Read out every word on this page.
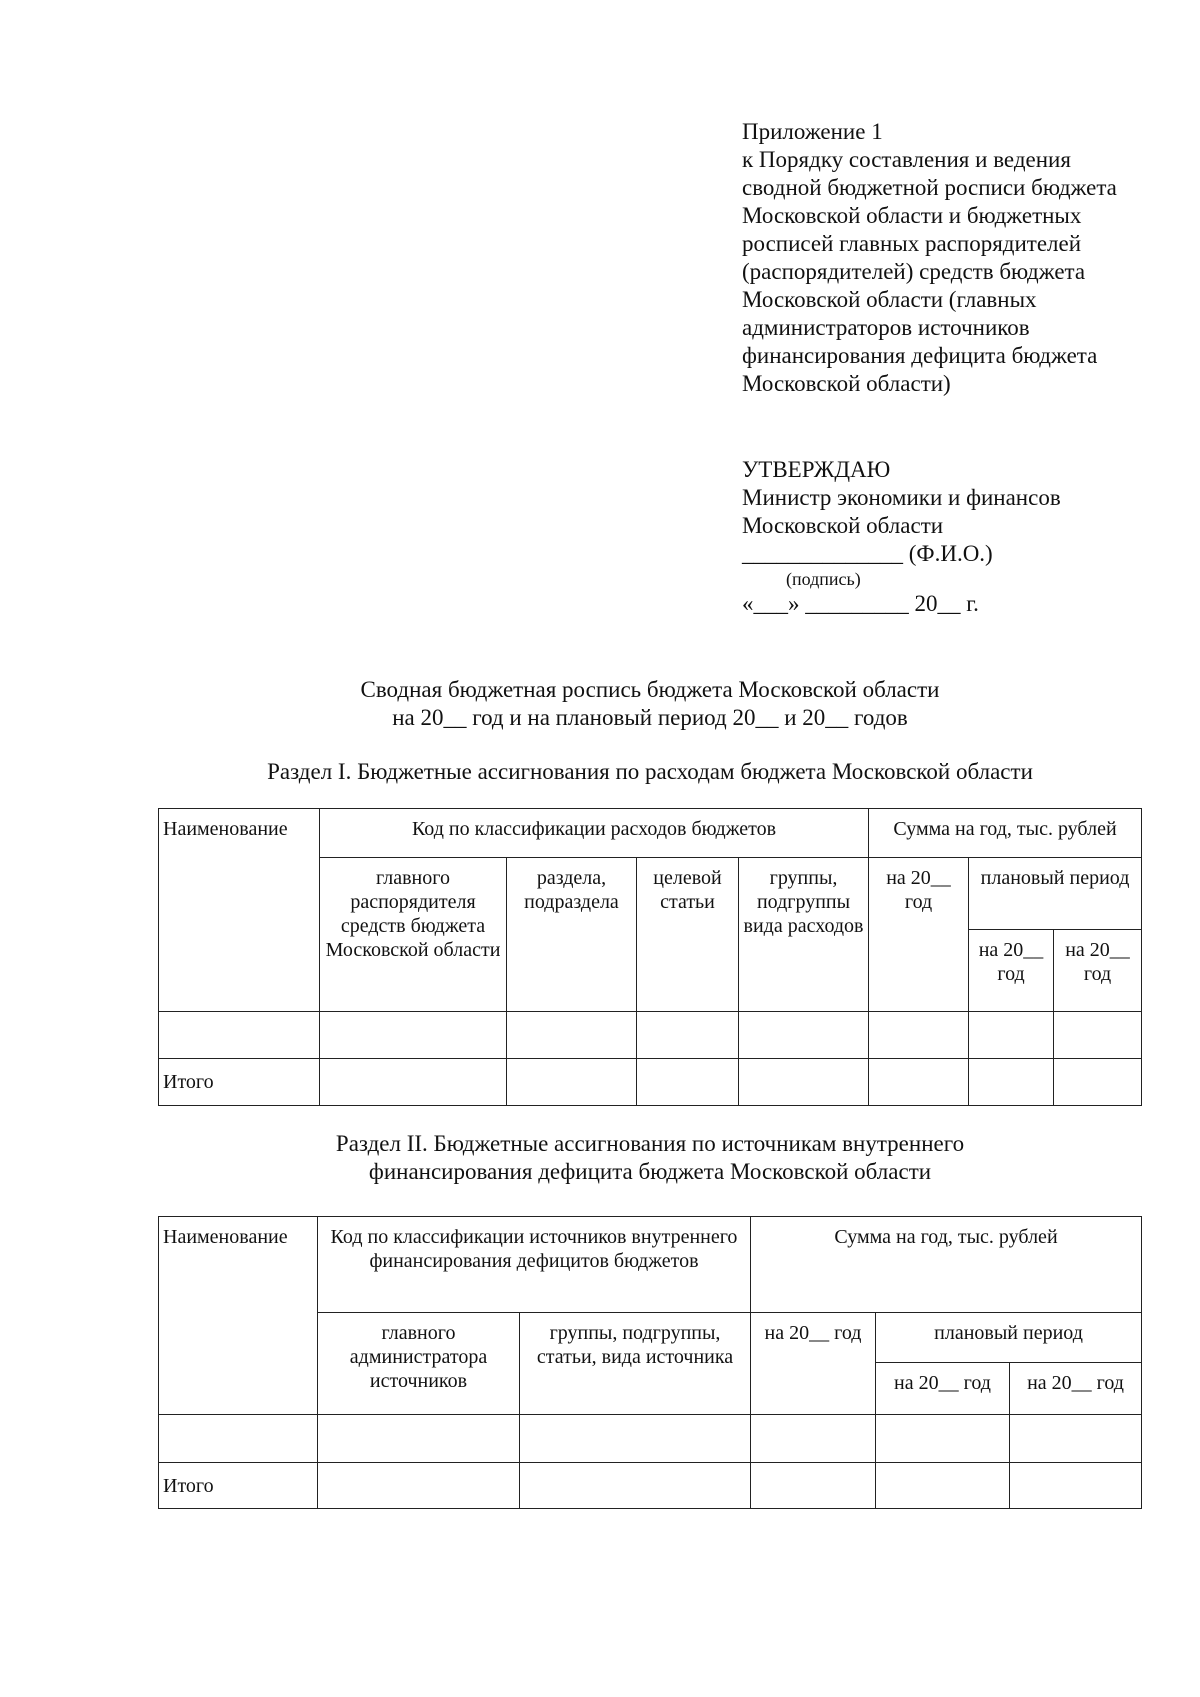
Приложение 1
к Порядку составления и ведения
сводной бюджетной росписи бюджета
Московской области и бюджетных
росписей главных распорядителей
(распорядителей) средств бюджета
Московской области (главных
администраторов источников
финансирования дефицита бюджета
Московской области)
УТВЕРЖДАЮ
Министр экономики и финансов
Московской области
______________ (Ф.И.О.)
(подпись)
«___» _________ 20__ г.
Сводная бюджетная роспись бюджета Московской области
на 20__ год и на плановый период 20__ и 20__ годов
Раздел I. Бюджетные ассигнования по расходам бюджета Московской области
Наименование	Код по классификации расходов бюджетов				Сумма на год, тыс. рублей		
	главного распорядителя средств бюджета Московской области	раздела, подраздела	целевой статьи	группы, подгруппы вида расходов	на 20__ год	плановый период	
						на 20__ год	на 20__ год

Итого							
Раздел II. Бюджетные ассигнования по источникам внутреннего
финансирования дефицита бюджета Московской области
Наименование	Код по классификации источников внутреннего финансирования дефицитов бюджетов		Сумма на год, тыс. рублей		
	главного администратора источников	группы, подгруппы, статьи, вида источника	на 20__ год	плановый период	
				на 20__ год	на 20__ год

Итого					
